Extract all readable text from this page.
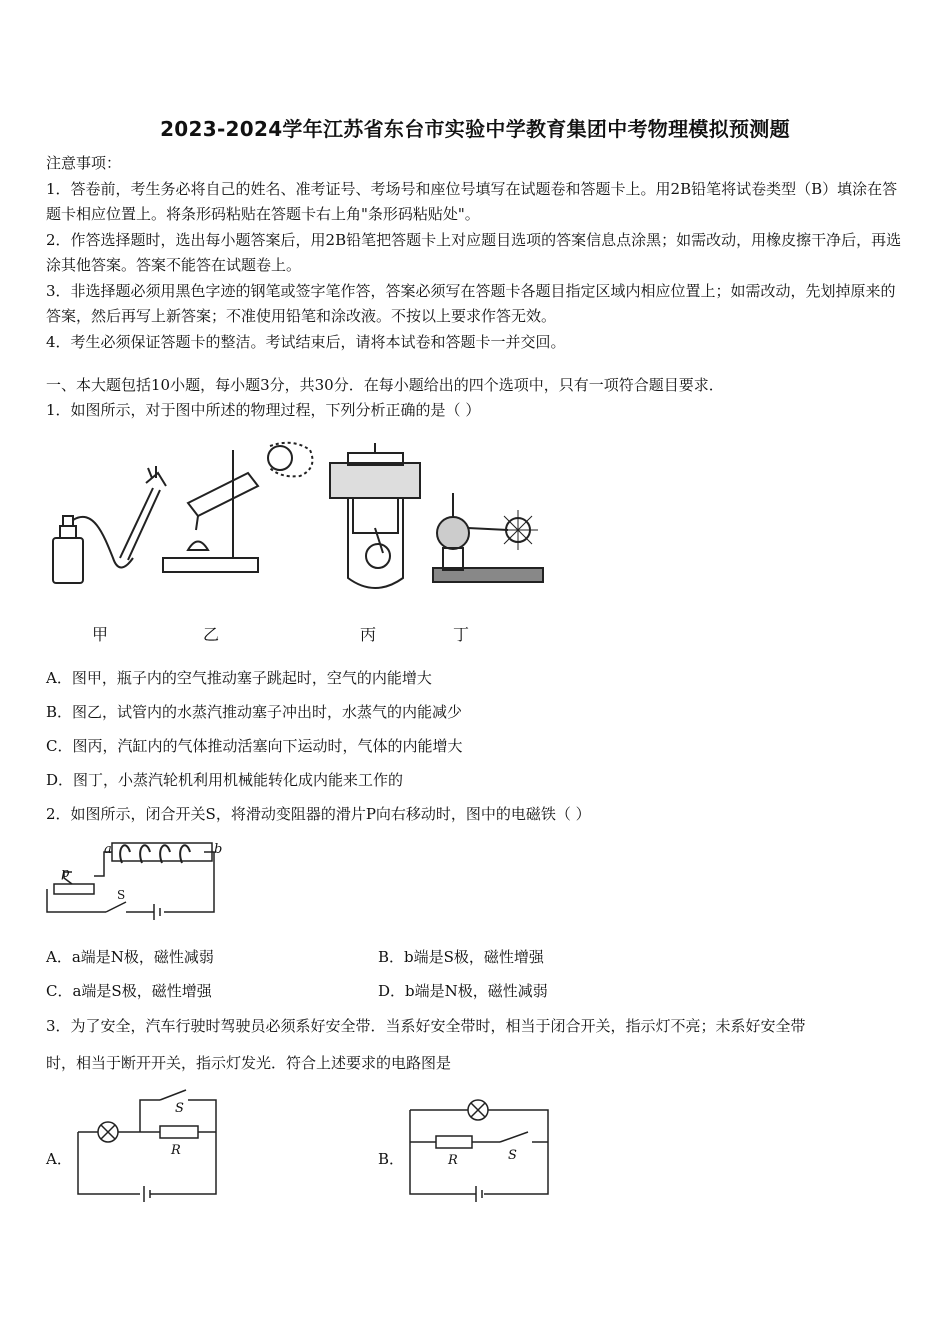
2023-2024学年江苏省东台市实验中学教育集团中考物理模拟预测题

注意事项：

1．答卷前，考生务必将自己的姓名、准考证号、考场号和座位号填写在试题卷和答题卡上。用2B铅笔将试卷类型（B）填涂在答题卡相应位置上。将条形码粘贴在答题卡右上角"条形码粘贴处"。

2．作答选择题时，选出每小题答案后，用2B铅笔把答题卡上对应题目选项的答案信息点涂黑；如需改动，用橡皮擦干净后，再选涂其他答案。答案不能答在试题卷上。

3．非选择题必须用黑色字迹的钢笔或签字笔作答，答案必须写在答题卡各题目指定区域内相应位置上；如需改动，先划掉原来的答案，然后再写上新答案；不准使用铅笔和涂改液。不按以上要求作答无效。

4．考生必须保证答题卡的整洁。考试结束后，请将本试卷和答题卡一并交回。

一、本大题包括10小题，每小题3分，共30分．在每小题给出的四个选项中，只有一项符合题目要求．
1．如图所示，对于图中所述的物理过程，下列分析正确的是（ ）
甲	乙	丙	丁
A．图甲，瓶子内的空气推动塞子跳起时，空气的内能增大
B．图乙，试管内的水蒸汽推动塞子冲出时，水蒸气的内能减少
C．图丙，汽缸内的气体推动活塞向下运动时，气体的内能增大
D．图丁，小蒸汽轮机利用机械能转化成内能来工作的
2．如图所示，闭合开关S，将滑动变阻器的滑片P向右移动时，图中的电磁铁（ ）
a	b
p
S
A．a端是N极，磁性减弱	B．b端是S极，磁性增强
C．a端是S极，磁性增强	D．b端是N极，磁性减弱
3．为了安全，汽车行驶时驾驶员必须系好安全带．当系好安全带时，相当于闭合开关，指示灯不亮；未系好安全带
时，相当于断开开关，指示灯发光．符合上述要求的电路图是
A．
S
R	B．	R	S
